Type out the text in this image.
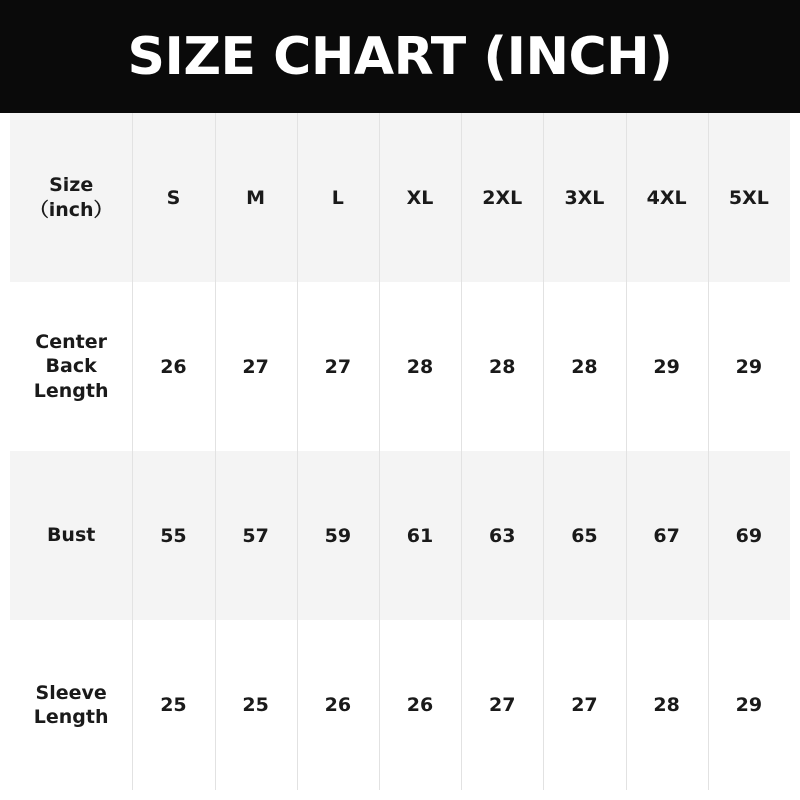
SIZE CHART (INCH)
Size
（inch）	S	M	L	XL	2XL	3XL	4XL	5XL
Center
Back
Length	26	27	27	28	28	28	29	29
Bust	55	57	59	61	63	65	67	69
Sleeve
Length	25	25	26	26	27	27	28	29
